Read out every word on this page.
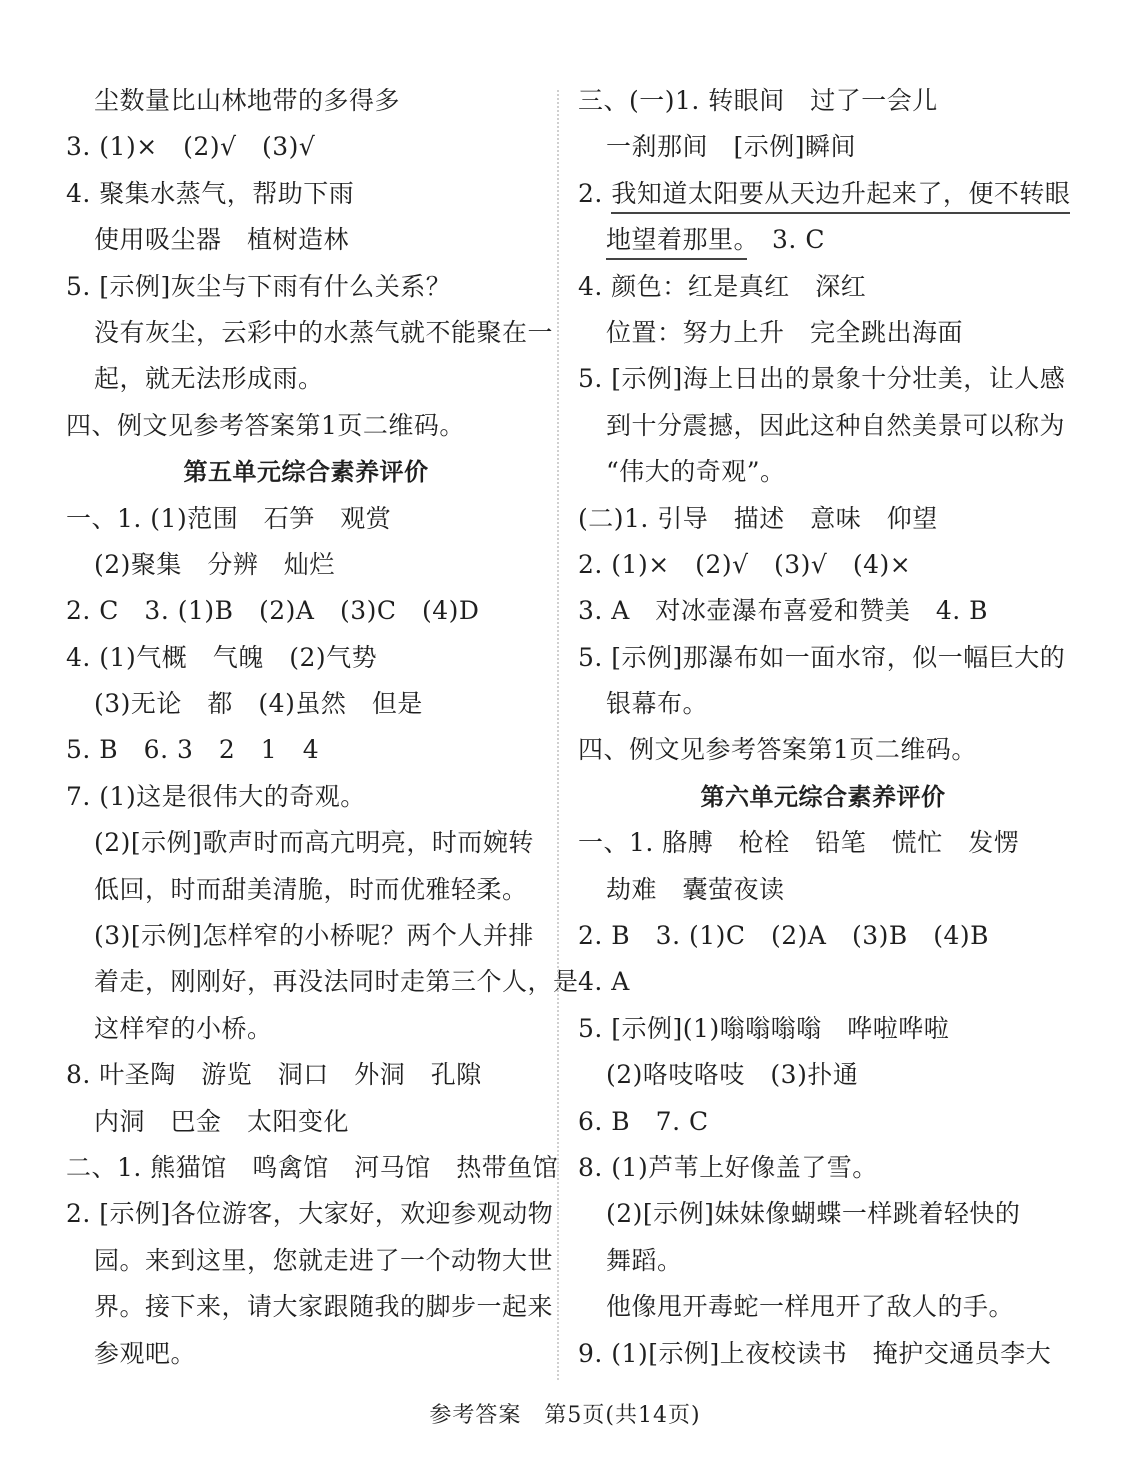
尘数量比山林地带的多得多
3. (1)×　(2)√　(3)√
4. 聚集水蒸气，帮助下雨
使用吸尘器　植树造林
5. [示例]灰尘与下雨有什么关系？
没有灰尘，云彩中的水蒸气就不能聚在一
起，就无法形成雨。
四、例文见参考答案第1页二维码。
第五单元综合素养评价
一、1. (1)范围　石笋　观赏
(2)聚集　分辨　灿烂
2. C　3. (1)B　(2)A　(3)C　(4)D
4. (1)气概　气魄　(2)气势
(3)无论　都　(4)虽然　但是
5. B　6. 3　2　1　4
7. (1)这是很伟大的奇观。
(2)[示例]歌声时而高亢明亮，时而婉转
低回，时而甜美清脆，时而优雅轻柔。
(3)[示例]怎样窄的小桥呢？两个人并排
着走，刚刚好，再没法同时走第三个人，是
这样窄的小桥。
8. 叶圣陶　游览　洞口　外洞　孔隙
内洞　巴金　太阳变化
二、1. 熊猫馆　鸣禽馆　河马馆　热带鱼馆
2. [示例]各位游客，大家好，欢迎参观动物
园。来到这里，您就走进了一个动物大世
界。接下来，请大家跟随我的脚步一起来
参观吧。
三、(一)1. 转眼间　过了一会儿
一刹那间　[示例]瞬间
2. 我知道太阳要从天边升起来了，便不转眼
地望着那里。　3. C
4. 颜色：红是真红　深红
位置：努力上升　完全跳出海面
5. [示例]海上日出的景象十分壮美，让人感
到十分震撼，因此这种自然美景可以称为
“伟大的奇观”。
(二)1. 引导　描述　意味　仰望
2. (1)×　(2)√　(3)√　(4)×
3. A　对冰壶瀑布喜爱和赞美　4. B
5. [示例]那瀑布如一面水帘，似一幅巨大的
银幕布。
四、例文见参考答案第1页二维码。
第六单元综合素养评价
一、1. 胳膊　枪栓　铅笔　慌忙　发愣
劫难　囊萤夜读
2. B　3. (1)C　(2)A　(3)B　(4)B
4. A
5. [示例](1)嗡嗡嗡嗡　哗啦哗啦
(2)咯吱咯吱　(3)扑通
6. B　7. C
8. (1)芦苇上好像盖了雪。
(2)[示例]妹妹像蝴蝶一样跳着轻快的
舞蹈。
他像甩开毒蛇一样甩开了敌人的手。
9. (1)[示例]上夜校读书　掩护交通员李大
参考答案　第5页(共14页)
